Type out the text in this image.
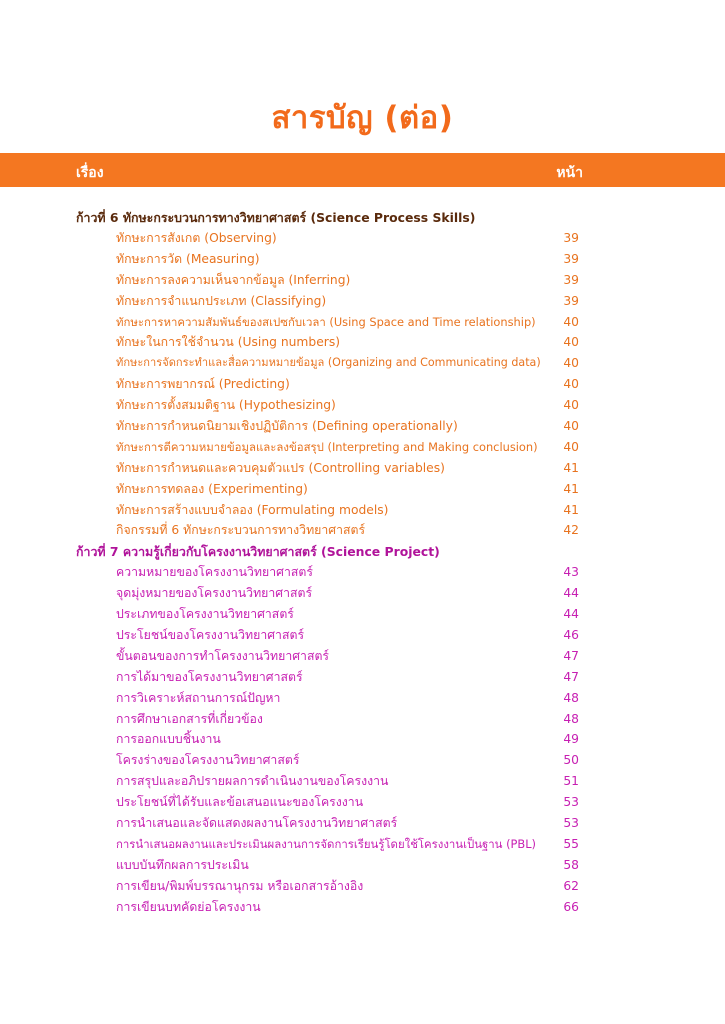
สารบัญ (ต่อ)
เรื่อง	หน้า
ก้าวที่ 6 ทักษะกระบวนการทางวิทยาศาสตร์ (Science Process Skills)
ทักษะการสังเกต (Observing)	39
ทักษะการวัด (Measuring)	39
ทักษะการลงความเห็นจากข้อมูล (Inferring)	39
ทักษะการจำแนกประเภท (Classifying)	39
ทักษะการหาความสัมพันธ์ของสเปซกับเวลา (Using Space and Time relationship)	40
ทักษะในการใช้จำนวน (Using numbers)	40
ทักษะการจัดกระทำและสื่อความหมายข้อมูล (Organizing and Communicating data)	40
ทักษะการพยากรณ์ (Predicting)	40
ทักษะการตั้งสมมติฐาน (Hypothesizing)	40
ทักษะการกำหนดนิยามเชิงปฏิบัติการ (Defining operationally)	40
ทักษะการตีความหมายข้อมูลและลงข้อสรุป (Interpreting and Making conclusion)	40
ทักษะการกำหนดและควบคุมตัวแปร (Controlling variables)	41
ทักษะการทดลอง (Experimenting)	41
ทักษะการสร้างแบบจำลอง (Formulating models)	41
กิจกรรมที่ 6 ทักษะกระบวนการทางวิทยาศาสตร์	42
ก้าวที่ 7 ความรู้เกี่ยวกับโครงงานวิทยาศาสตร์ (Science Project)
ความหมายของโครงงานวิทยาศาสตร์	43
จุดมุ่งหมายของโครงงานวิทยาศาสตร์	44
ประเภทของโครงงานวิทยาศาสตร์	44
ประโยชน์ของโครงงานวิทยาศาสตร์	46
ขั้นตอนของการทำโครงงานวิทยาศาสตร์	47
การได้มาของโครงงานวิทยาศาสตร์	47
การวิเคราะห์สถานการณ์ปัญหา	48
การศึกษาเอกสารที่เกี่ยวข้อง	48
การออกแบบชิ้นงาน	49
โครงร่างของโครงงานวิทยาศาสตร์	50
การสรุปและอภิปรายผลการดำเนินงานของโครงงาน	51
ประโยชน์ที่ได้รับและข้อเสนอแนะของโครงงาน	53
การนำเสนอและจัดแสดงผลงานโครงงานวิทยาศาสตร์	53
การนำเสนอผลงานและประเมินผลงานการจัดการเรียนรู้โดยใช้โครงงานเป็นฐาน (PBL)	55
แบบบันทึกผลการประเมิน	58
การเขียน/พิมพ์บรรณานุกรม หรือเอกสารอ้างอิง	62
การเขียนบทคัดย่อโครงงาน	66
